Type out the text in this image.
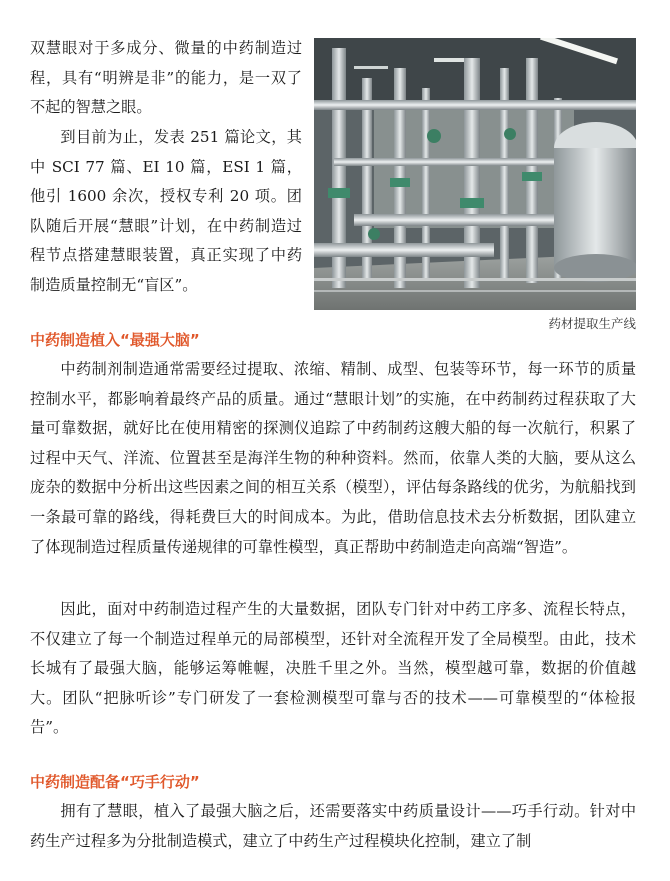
双慧眼对于多成分、微量的中药制造过程，具有“明辨是非”的能力，是一双了不起的智慧之眼。

到目前为止，发表 251 篇论文，其 中 SCI 77 篇、EI 10 篇，ESI 1 篇，他引 1600 余次，授权专利 20 项。团队随后开展“慧眼”计划，在中药制造过程节点搭建慧眼装置，真正实现了中药制造质量控制无“盲区”。

药材提取生产线
中药制造植入“最强大脑”

中药制剂制造通常需要经过提取、浓缩、精制、成型、包装等环节，每一环节的质量控制水平，都影响着最终产品的质量。通过“慧眼计划”的实施，在中药制药过程获取了大量可靠数据，就好比在使用精密的探测仪追踪了中药制药这艘大船的每一次航行，积累了过程中天气、洋流、位置甚至是海洋生物的种种资料。然而，依靠人类的大脑，要从这么庞杂的数据中分析出这些因素之间的相互关系（模型），评估每条路线的优劣，为航船找到一条最可靠的路线，得耗费巨大的时间成本。为此，借助信息技术去分析数据，团队建立了体现制造过程质量传递规律的可靠性模型，真正帮助中药制造走向高端“智造”。

因此，面对中药制造过程产生的大量数据，团队专门针对中药工序多、流程长特点，不仅建立了每一个制造过程单元的局部模型，还针对全流程开发了全局模型。由此，技术长城有了最强大脑，能够运筹帷幄，决胜千里之外。当然，模型越可靠，数据的价值越大。团队“把脉听诊”专门研发了一套检测模型可靠与否的技术——可靠模型的“体检报告”。

中药制造配备“巧手行动”

拥有了慧眼，植入了最强大脑之后，还需要落实中药质量设计——巧手行动。针对中药生产过程多为分批制造模式，建立了中药生产过程模块化控制，建立了制
